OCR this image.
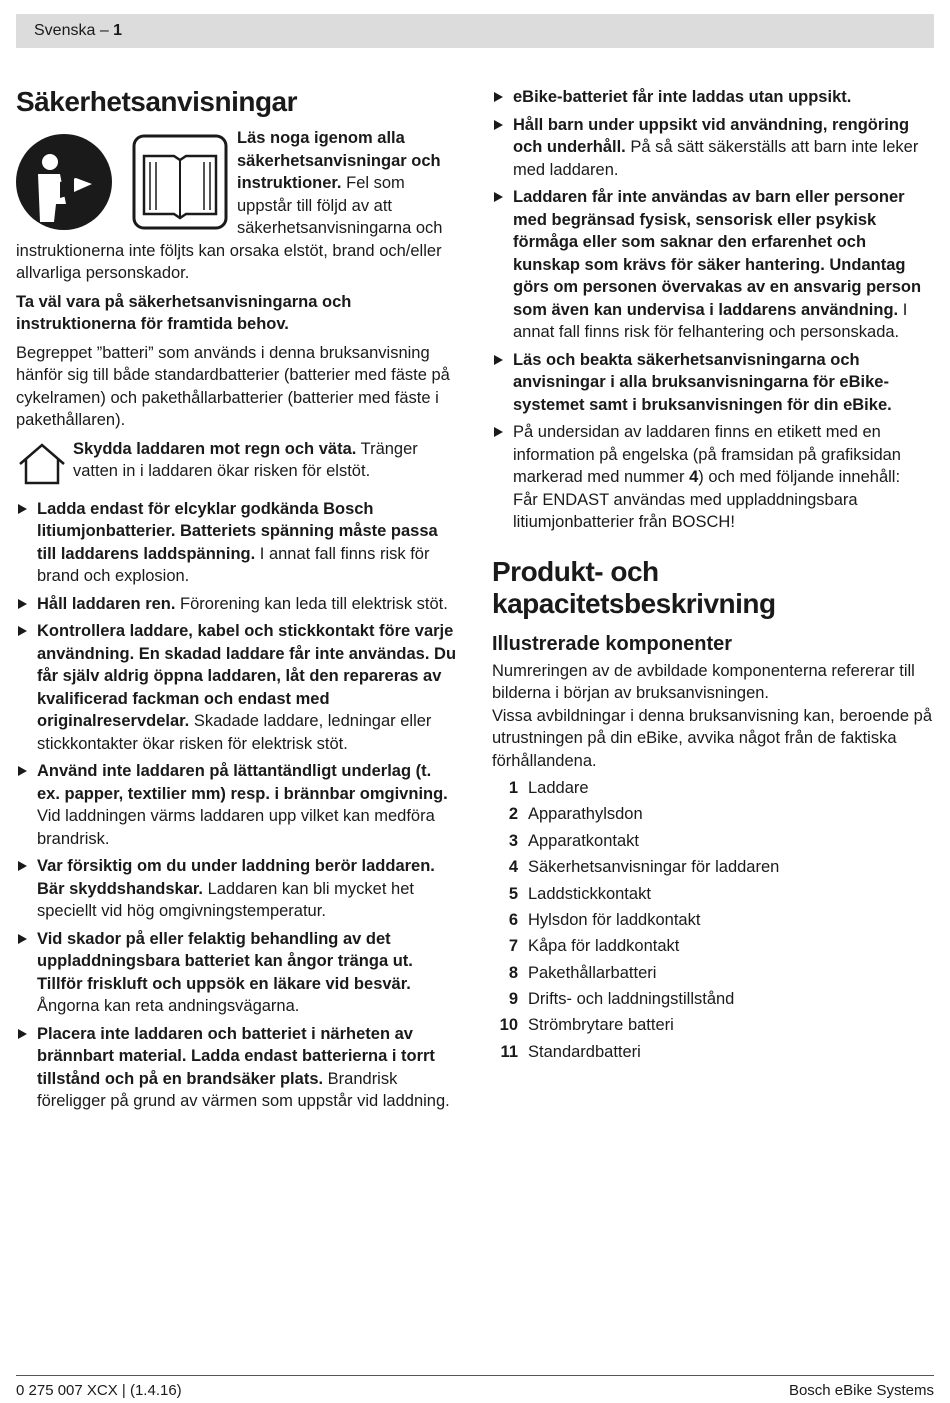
Svenska – 1
Säkerhetsanvisningar

Läs noga igenom alla säkerhetsanvisningar och instruktioner. Fel som uppstår till följd av att säkerhetsanvisningarna och instruktionerna inte följts kan orsaka elstöt, brand och/eller allvarliga personskador.

Ta väl vara på säkerhetsanvisningarna och instruktionerna för framtida behov.

Begreppet ”batteri” som används i denna bruksanvisning hänför sig till både standardbatterier (batterier med fäste på cykelramen) och pakethållarbatterier (batterier med fäste i pakethållaren).

Skydda laddaren mot regn och väta. Tränger vatten in i laddaren ökar risken för elstöt.

Ladda endast för elcyklar godkända Bosch litiumjonbatterier. Batteriets spänning måste passa till laddarens laddspänning. I annat fall finns risk för brand och explosion.

Håll laddaren ren. Förorening kan leda till elektrisk stöt.

Kontrollera laddare, kabel och stickkontakt före varje användning. En skadad laddare får inte användas. Du får själv aldrig öppna laddaren, låt den repareras av kvalificerad fackman och endast med originalreservdelar. Skadade laddare, ledningar eller stickkontakter ökar risken för elektrisk stöt.

Använd inte laddaren på lättantändligt underlag (t. ex. papper, textilier mm) resp. i brännbar omgivning. Vid laddningen värms laddaren upp vilket kan medföra brandrisk.

Var försiktig om du under laddning berör laddaren. Bär skyddshandskar. Laddaren kan bli mycket het speciellt vid hög omgivningstemperatur.

Vid skador på eller felaktig behandling av det uppladdningsbara batteriet kan ångor tränga ut. Tillför friskluft och uppsök en läkare vid besvär. Ångorna kan reta andningsvägarna.

Placera inte laddaren och batteriet i närheten av brännbart material. Ladda endast batterierna i torrt tillstånd och på en brandsäker plats. Brandrisk föreligger på grund av värmen som uppstår vid laddning.

eBike-batteriet får inte laddas utan uppsikt.

Håll barn under uppsikt vid användning, rengöring och underhåll. På så sätt säkerställs att barn inte leker med laddaren.

Laddaren får inte användas av barn eller personer med begränsad fysisk, sensorisk eller psykisk förmåga eller som saknar den erfarenhet och kunskap som krävs för säker hantering. Undantag görs om personen övervakas av en ansvarig person som även kan undervisa i laddarens användning. I annat fall finns risk för felhantering och personskada.

Läs och beakta säkerhetsanvisningarna och anvisningar i alla bruksanvisningarna för eBike-systemet samt i bruksanvisningen för din eBike.

På undersidan av laddaren finns en etikett med en information på engelska (på framsidan på grafiksidan markerad med nummer 4) och med följande innehåll:

Får ENDAST användas med uppladdningsbara litiumjonbatterier från BOSCH!

Produkt- och kapacitetsbeskrivning
Illustrerade komponenter

Numreringen av de avbildade komponenterna refererar till bilderna i början av bruksanvisningen.

Vissa avbildningar i denna bruksanvisning kan, beroende på utrustningen på din eBike, avvika något från de faktiska förhållandena.

1 Laddare
2 Apparathylsdon
3 Apparatkontakt
4 Säkerhetsanvisningar för laddaren
5 Laddstickkontakt
6 Hylsdon för laddkontakt
7 Kåpa för laddkontakt
8 Pakethållarbatteri
9 Drifts- och laddningstillstånd
10 Strömbrytare batteri
11 Standardbatteri
0 275 007 XCX | (1.4.16)	Bosch eBike Systems
